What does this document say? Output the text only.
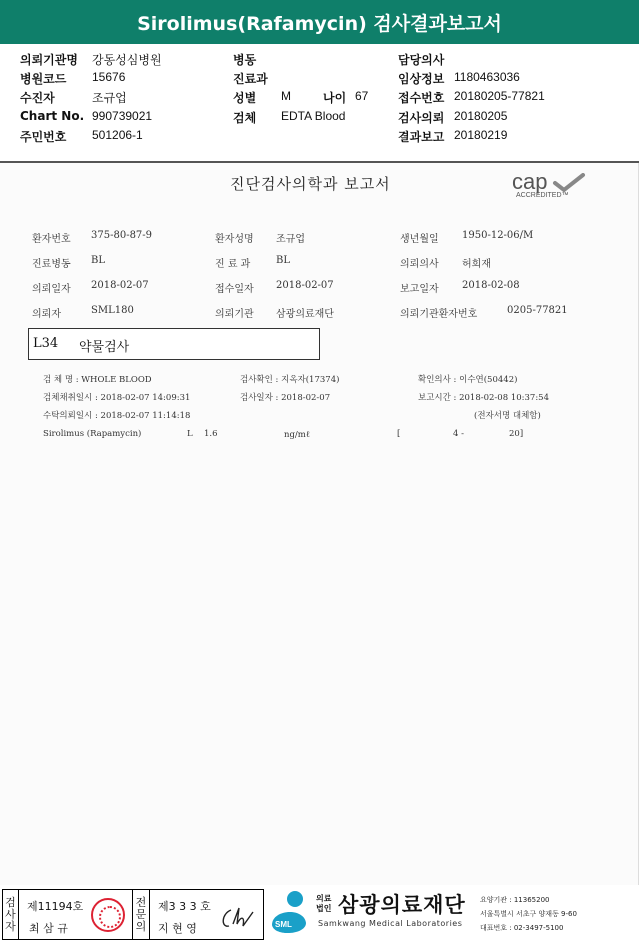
Sirolimus(Rafamycin) 검사결과보고서
의뢰기관명 강동성심병원	병동	담당의사
병원코드 15676	진료과	임상정보 1180463036
수진자	조규업	성별 M	나이 67 접수번호 20180205-77821
Chart No. 990739021	검체 EDTA Blood	검사의뢰 20180205
주민번호 501206-1	결과보고 20180219
진단검사의학과 보고서	cap
ACCREDITED™
환자번호 375-80-87-9	환자성명 조규업	생년월일 1950-12-06/M
진료병동 BL	진 료 과	BL	의뢰의사 허희재
의뢰일자 2018-02-07	접수일자 2018-02-07	보고일자 2018-02-08
의뢰자	SML180	의뢰기관 삼광의료재단	의뢰기관환자번호	0205-77821
L34 약물검사
검 체 명 : WHOLE BLOOD	검사확인 : 지옥자(17374)	확인의사 : 이수연(50442)
검체채취일시 : 2018-02-07 14:09:31	검사일자 : 2018-02-07	보고시간 : 2018-02-08 10:37:54
수탁의뢰일시 : 2018-02-07 11:14:18	(전자서명 대체함)
Sirolimus (Rapamycin)	L 1.6	ng/mℓ	[	4 -	20]
검사자
제11194호
최 삼 규
전문의
제3 3 3 호
지 현 영	SML
의료법인 삼광의료재단
Samkwang Medical Laboratories
요양기관 : 11365200
서울특별시 서초구 양재동 9-60
대표번호 : 02-3497-5100
